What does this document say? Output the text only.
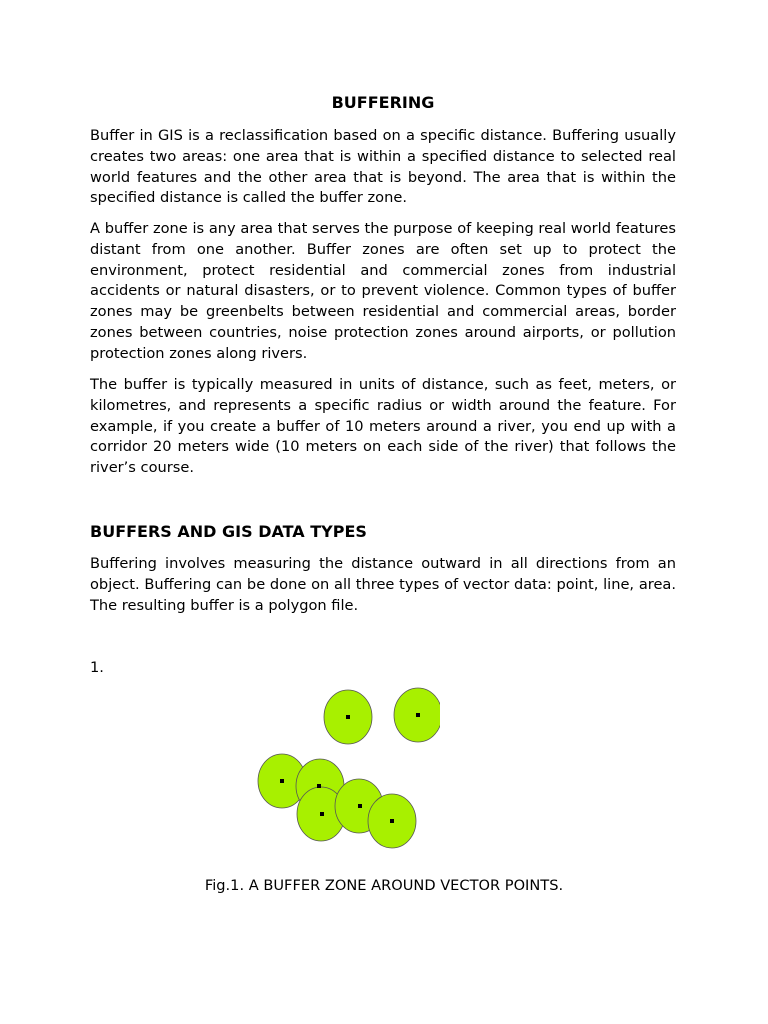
BUFFERING

Buffer in GIS is a reclassification based on a specific distance. Buffering usually creates two areas: one area that is within a specified distance to selected real world features and the other area that is beyond. The area that is within the specified distance is called the buffer zone.

A buffer zone is any area that serves the purpose of keeping real world features distant from one another. Buffer zones are often set up to protect the environment, protect residential and commercial zones from industrial accidents or natural disasters, or to prevent violence. Common types of buffer zones may be greenbelts between residential and commercial areas, border zones between countries, noise protection zones around airports, or pollution protection zones along rivers.

The buffer is typically measured in units of distance, such as feet, meters, or kilometres, and represents a specific radius or width around the feature. For example, if you create a buffer of 10 meters around a river, you end up with a corridor 20 meters wide (10 meters on each side of the river) that follows the river’s course.

BUFFERS AND GIS DATA TYPES

Buffering involves measuring the distance outward in all directions from an object. Buffering can be done on all three types of vector data: point, line, area. The resulting buffer is a polygon file.

1.
Fig.1. A BUFFER ZONE AROUND VECTOR POINTS.
